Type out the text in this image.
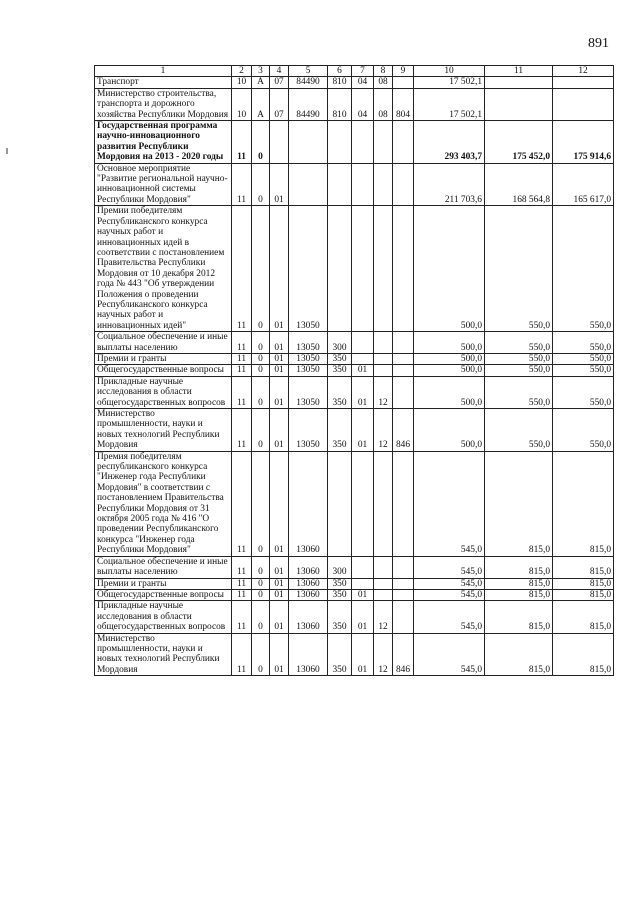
891
1	2	3	4	5	6	7	8	9	10	11	12
Транспорт	10	А	07	84490	810	04	08		17 502,1		
Министерство строительства, транспорта и дорожного хозяйства Республики Мордовия	10	А	07	84490	810	04	08	804	17 502,1		
Государственная программа научно-инновационного развития Республики Мордовия на 2013 - 2020 годы	11	0							293 403,7	175 452,0	175 914,6
Основное мероприятие "Развитие региональной научно-инновационной системы Республики Мордовия"	11	0	01						211 703,6	168 564,8	165 617,0
Премии победителям Республиканского конкурса научных работ и инновационных идей в соответствии с постановлением Правительства Республики Мордовия от 10 декабря 2012 года № 443 "Об утверждении Положения о проведении Республиканского конкурса научных работ и инновационных идей"	11	0	01	13050					500,0	550,0	550,0
Социальное обеспечение и иные выплаты населению	11	0	01	13050	300				500,0	550,0	550,0
Премии и гранты	11	0	01	13050	350				500,0	550,0	550,0
Общегосударственные вопросы	11	0	01	13050	350	01			500,0	550,0	550,0
Прикладные научные исследования в области общегосударственных вопросов	11	0	01	13050	350	01	12		500,0	550,0	550,0
Министерство промышленности, науки и новых технологий Республики Мордовия	11	0	01	13050	350	01	12	846	500,0	550,0	550,0
Премия победителям республиканского конкурса "Инженер года Республики Мордовия" в соответствии с постановлением Правительства Республики Мордовия от 31 октября 2005 года № 416 "О проведении Республиканского конкурса "Инженер года Республики Мордовия"	11	0	01	13060					545,0	815,0	815,0
Социальное обеспечение и иные выплаты населению	11	0	01	13060	300				545,0	815,0	815,0
Премии и гранты	11	0	01	13060	350				545,0	815,0	815,0
Общегосударственные вопросы	11	0	01	13060	350	01			545,0	815,0	815,0
Прикладные научные исследования в области общегосударственных вопросов	11	0	01	13060	350	01	12		545,0	815,0	815,0
Министерство промышленности, науки и новых технологий Республики Мордовия	11	0	01	13060	350	01	12	846	545,0	815,0	815,0
